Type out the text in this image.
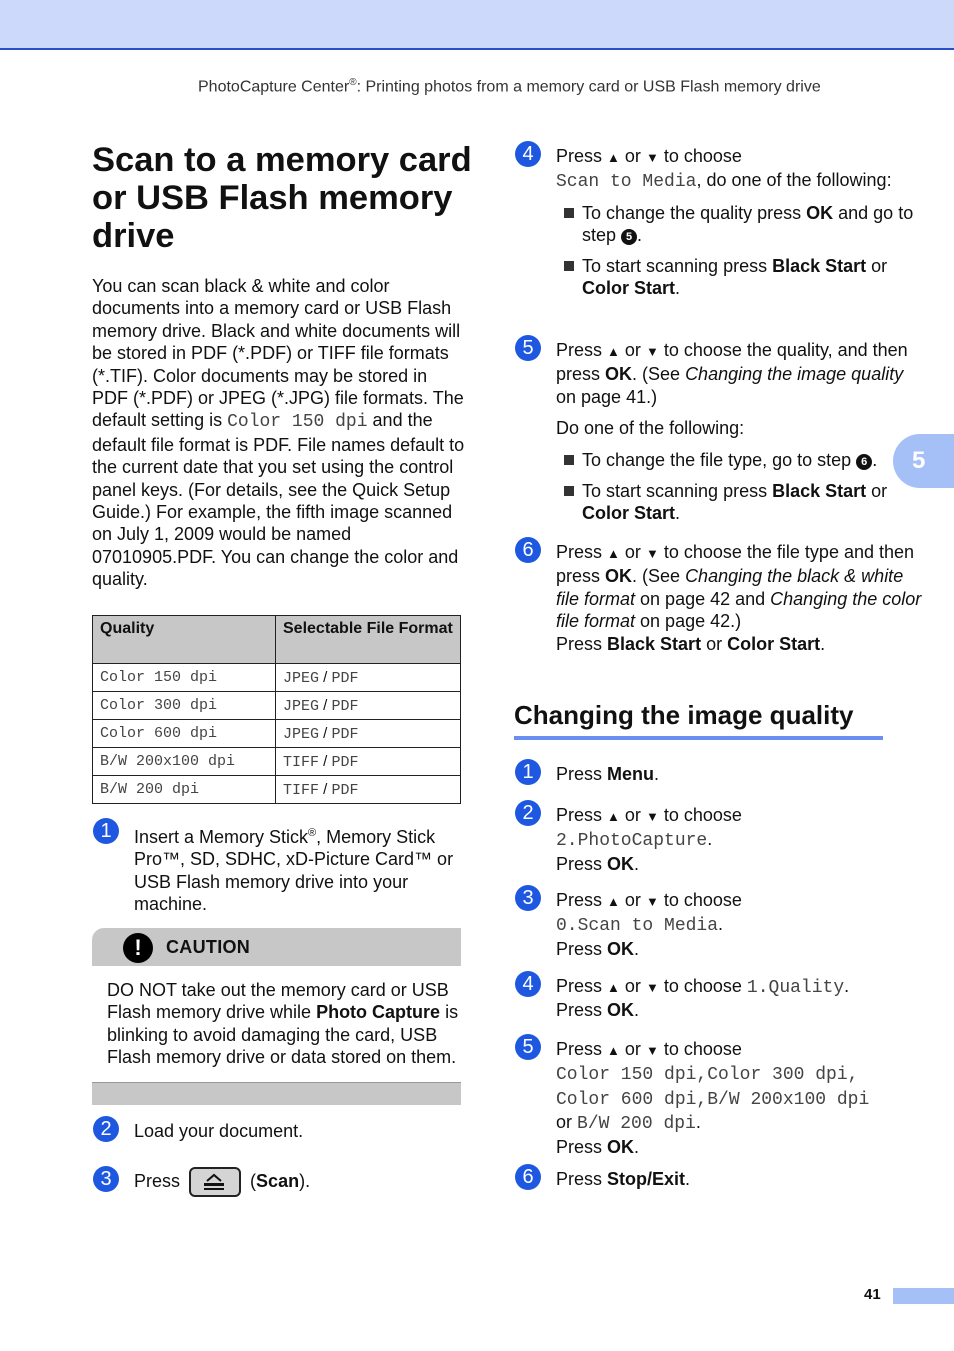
PhotoCapture Center®: Printing photos from a memory card or USB Flash memory drive
Scan to a memory card or USB Flash memory drive
You can scan black & white and color documents into a memory card or USB Flash memory drive. Black and white documents will be stored in PDF (*.PDF) or TIFF file formats (*.TIF). Color documents may be stored in PDF (*.PDF) or JPEG (*.JPG) file formats. The default setting is Color 150 dpi and the default file format is PDF. File names default to the current date that you set using the control panel keys. (For details, see the Quick Setup Guide.) For example, the fifth image scanned on July 1, 2009 would be named 07010905.PDF. You can change the color and quality.
Quality	Selectable File Format
Color 150 dpi	JPEG / PDF
Color 300 dpi	JPEG / PDF
Color 600 dpi	JPEG / PDF
B/W 200x100 dpi	TIFF / PDF
B/W 200 dpi	TIFF / PDF
1	Insert a Memory Stick®, Memory Stick Pro™, SD, SDHC, xD-Picture Card™ or USB Flash memory drive into your machine.
!	CAUTION
DO NOT take out the memory card or USB Flash memory drive while Photo Capture is blinking to avoid damaging the card, USB Flash memory drive or data stored on them.
2	Load your document.
3	Press	(Scan).
4	Press ▲ or ▼ to choose
Scan to Media, do one of the following:
To change the quality press OK and go to step 5 .
To start scanning press Black Start or Color Start.
5	Press ▲ or ▼ to choose the quality, and then press OK. (See Changing the image quality on page 41.)
Do one of the following:
To change the file type, go to step 6 .
To start scanning press Black Start or Color Start.
6	Press ▲ or ▼ to choose the file type and then press OK. (See Changing the black & white file format on page 42 and Changing the color file format on page 42.)
Press Black Start or Color Start.
Changing the image quality
1	Press Menu.
2	Press ▲ or ▼ to choose
2.PhotoCapture.
Press OK.
3	Press ▲ or ▼ to choose
0.Scan to Media.
Press OK.
4	Press ▲ or ▼ to choose 1.Quality.
Press OK.
5	Press ▲ or ▼ to choose
Color 150 dpi,Color 300 dpi,
Color 600 dpi,B/W 200x100 dpi
or B/W 200 dpi.
Press OK.
6	Press Stop/Exit.
5
41
